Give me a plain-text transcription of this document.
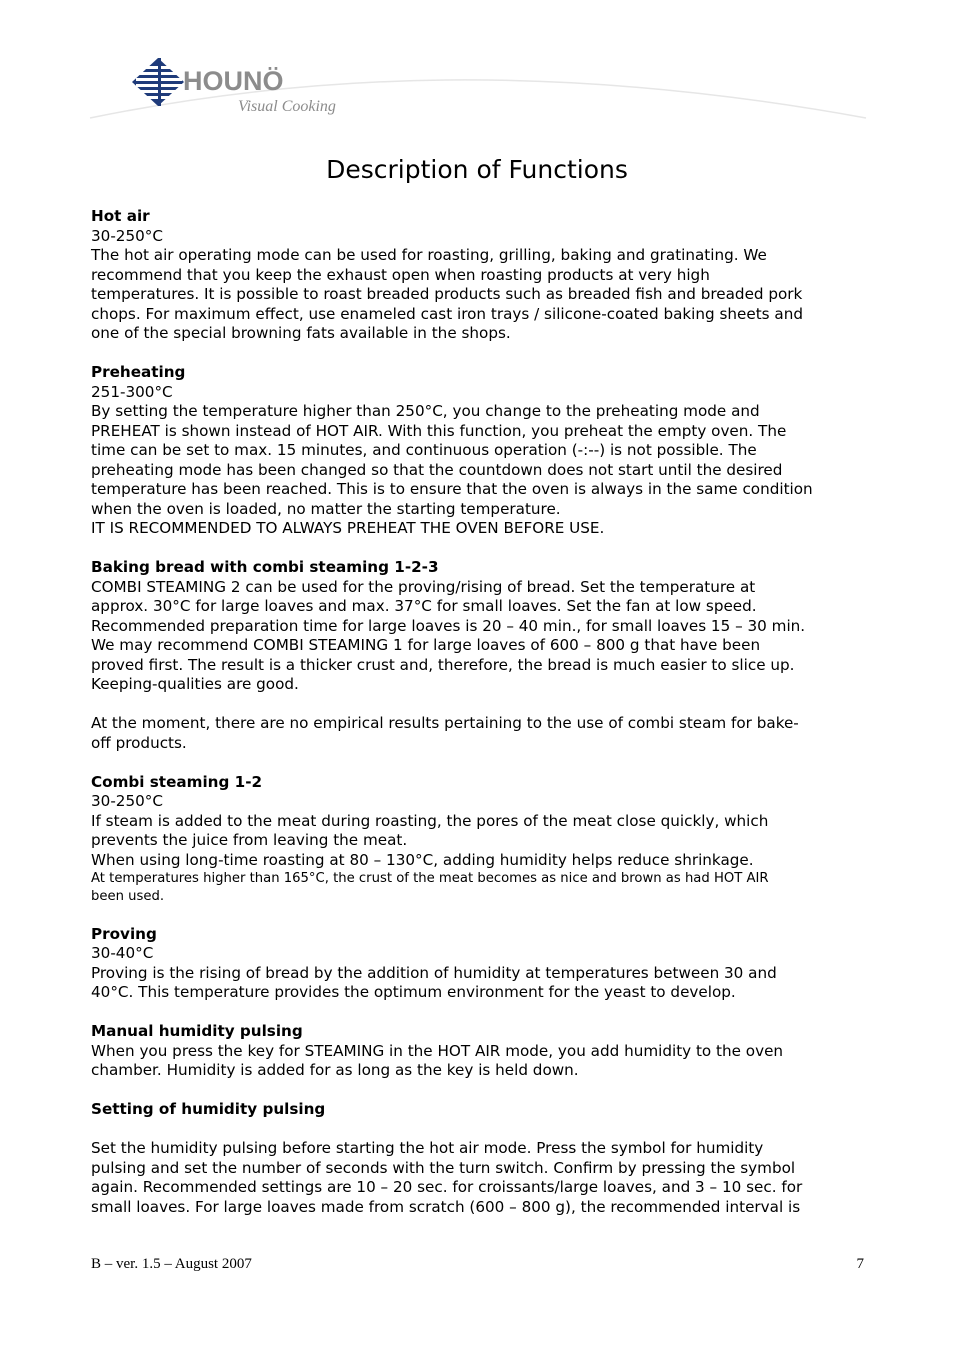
HOUNÖ
Visual Cooking
Description of Functions

Hot air

30-250°C

The hot air operating mode can be used for roasting, grilling, baking and gratinating. We
recommend that you keep the exhaust open when roasting products at very high
temperatures. It is possible to roast breaded products such as breaded fish and breaded pork
chops. For maximum effect, use enameled cast iron trays / silicone-coated baking sheets and
one of the special browning fats available in the shops.

Preheating

251-300°C

By setting the temperature higher than 250°C, you change to the preheating mode and
PREHEAT is shown instead of HOT AIR. With this function, you preheat the empty oven. The
time can be set to max. 15 minutes, and continuous operation (-:--) is not possible. The
preheating mode has been changed so that the countdown does not start until the desired
temperature has been reached. This is to ensure that the oven is always in the same condition
when the oven is loaded, no matter the starting temperature.
IT IS RECOMMENDED TO ALWAYS PREHEAT THE OVEN BEFORE USE.

Baking bread with combi steaming 1-2-3

COMBI STEAMING 2 can be used for the proving/rising of bread. Set the temperature at
approx. 30°C for large loaves and max. 37°C for small loaves. Set the fan at low speed.
Recommended preparation time for large loaves is 20 – 40 min., for small loaves 15 – 30 min.
We may recommend COMBI STEAMING 1 for large loaves of 600 – 800 g that have been
proved first. The result is a thicker crust and, therefore, the bread is much easier to slice up.
Keeping-qualities are good.

At the moment, there are no empirical results pertaining to the use of combi steam for bake-
off products.

Combi steaming 1-2

30-250°C

If steam is added to the meat during roasting, the pores of the meat close quickly, which
prevents the juice from leaving the meat.
When using long-time roasting at 80 – 130°C, adding humidity helps reduce shrinkage.

At temperatures higher than 165°C, the crust of the meat becomes as nice and brown as had HOT AIR
been used.

Proving

30-40°C

Proving is the rising of bread by the addition of humidity at temperatures between 30 and
40°C. This temperature provides the optimum environment for the yeast to develop.

Manual humidity pulsing

When you press the key for STEAMING in the HOT AIR mode, you add humidity to the oven
chamber. Humidity is added for as long as the key is held down.

Setting of humidity pulsing

Set the humidity pulsing before starting the hot air mode. Press the symbol for humidity
pulsing and set the number of seconds with the turn switch. Confirm by pressing the symbol
again. Recommended settings are 10 – 20 sec. for croissants/large loaves, and 3 – 10 sec. for
small loaves. For large loaves made from scratch (600 – 800 g), the recommended interval is

B – ver. 1.5 – August 2007	7
